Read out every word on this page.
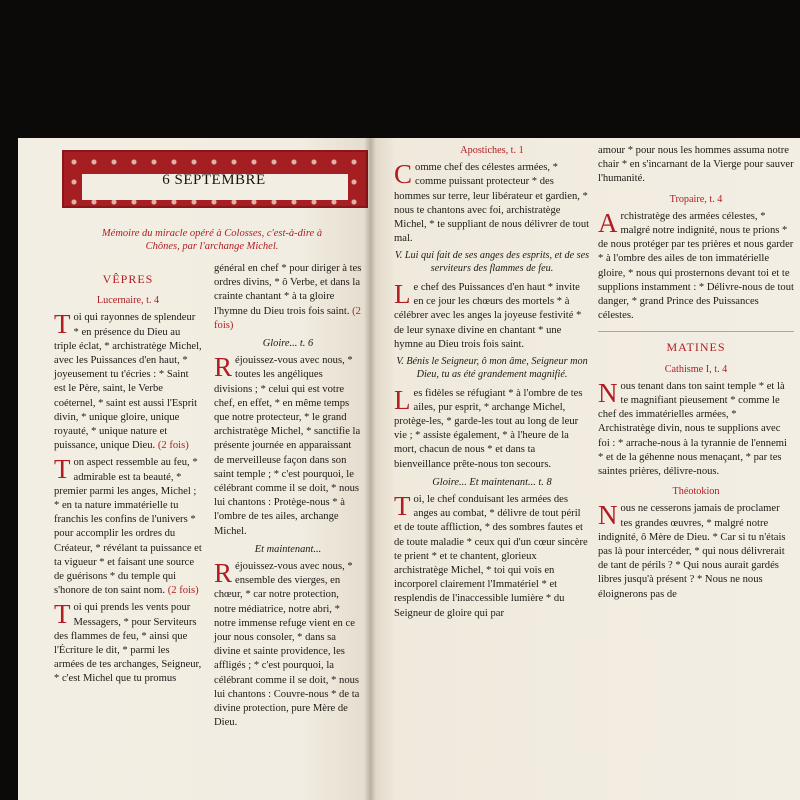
6 SEPTEMBRE
Mémoire du miracle opéré à Colosses, c'est-à-dire à Chônes, par l'archange Michel.
VÊPRES
Lucernaire, t. 4

Toi qui rayonnes de splendeur * en présence du Dieu au triple éclat, * archistratège Michel, avec les Puissances d'en haut, * joyeusement tu t'écries : * Saint est le Père, saint, le Verbe coéternel, * saint est aussi l'Esprit divin, * unique gloire, unique royauté, * unique nature et puissance, unique Dieu. (2 fois)

Ton aspect ressemble au feu, * admirable est ta beauté, * premier parmi les anges, Michel ; * en ta nature immatérielle tu franchis les confins de l'univers * pour accomplir les ordres du Créateur, * révélant ta puissance et ta vigueur * et faisant une source de guérisons * du temple qui s'honore de ton saint nom. (2 fois)

Toi qui prends les vents pour Messagers, * pour Serviteurs des flammes de feu, * ainsi que l'Écriture le dit, * parmi les armées de tes archanges, Seigneur, * c'est Michel que tu promus

général en chef * pour diriger à tes ordres divins, * ô Verbe, et dans la crainte chantant * à ta gloire l'hymne du Dieu trois fois saint. (2 fois)

Gloire... t. 6

Réjouissez-vous avec nous, * toutes les angéliques divisions ; * celui qui est votre chef, en effet, * en même temps que notre protecteur, * le grand archistratège Michel, * sanctifie la présente journée en apparaissant de merveilleuse façon dans son saint temple ; * c'est pourquoi, le célébrant comme il se doit, * nous lui chantons : Protège-nous * à l'ombre de tes ailes, archange Michel.

Et maintenant...

Réjouissez-vous avec nous, * ensemble des vierges, en chœur, * car notre protection, notre médiatrice, notre abri, * notre immense refuge vient en ce jour nous consoler, * dans sa divine et sainte providence, les affligés ; * c'est pourquoi, la célébrant comme il se doit, * nous lui chantons : Couvre-nous * de ta divine protection, pure Mère de Dieu.

Apostiches, t. 1

Comme chef des célestes armées, * comme puissant protecteur * des hommes sur terre, leur libérateur et gardien, * nous te chantons avec foi, archistratège Michel, * te suppliant de nous délivrer de tout mal.

V. Lui qui fait de ses anges des esprits, et de ses serviteurs des flammes de feu.

Le chef des Puissances d'en haut * invite en ce jour les chœurs des mortels * à célébrer avec les anges la joyeuse festivité * de leur synaxe divine en chantant * une hymne au Dieu trois fois saint.

V. Bénis le Seigneur, ô mon âme, Seigneur mon Dieu, tu as été grandement magnifié.

Les fidèles se réfugiant * à l'ombre de tes ailes, pur esprit, * archange Michel, protège-les, * garde-les tout au long de leur vie ; * assiste également, * à l'heure de la mort, chacun de nous * et dans ta bienveillance prête-nous ton secours.

Gloire... Et maintenant... t. 8

Toi, le chef conduisant les armées des anges au combat, * délivre de tout péril et de toute affliction, * des sombres fautes et de toute maladie * ceux qui d'un cœur sincère te prient * et te chantent, glorieux archistratège Michel, * toi qui vois en incorporel clairement l'Immatériel * et resplendis de l'inaccessible lumière * du Seigneur de gloire qui par

amour * pour nous les hommes assuma notre chair * en s'incarnant de la Vierge pour sauver l'humanité.

Tropaire, t. 4

Archistratège des armées célestes, * malgré notre indignité, nous te prions * de nous protéger par tes prières et nous garder * à l'ombre des ailes de ton immatérielle gloire, * nous qui prosternons devant toi et te supplions instamment : * Délivre-nous de tout danger, * grand Prince des Puissances célestes.

MATINES
Cathisme I, t. 4

Nous tenant dans ton saint temple * et là te magnifiant pieusement * comme le chef des immatérielles armées, * Archistratège divin, nous te supplions avec foi : * arrache-nous à la tyrannie de l'ennemi * et de la géhenne nous menaçant, * par tes saintes prières, délivre-nous.

Théotokion

Nous ne cesserons jamais de proclamer tes grandes œuvres, * malgré notre indignité, ô Mère de Dieu. * Car si tu n'étais pas là pour intercéder, * qui nous délivrerait de tant de périls ? * Qui nous aurait gardés libres jusqu'à présent ? * Nous ne nous éloignerons pas de
